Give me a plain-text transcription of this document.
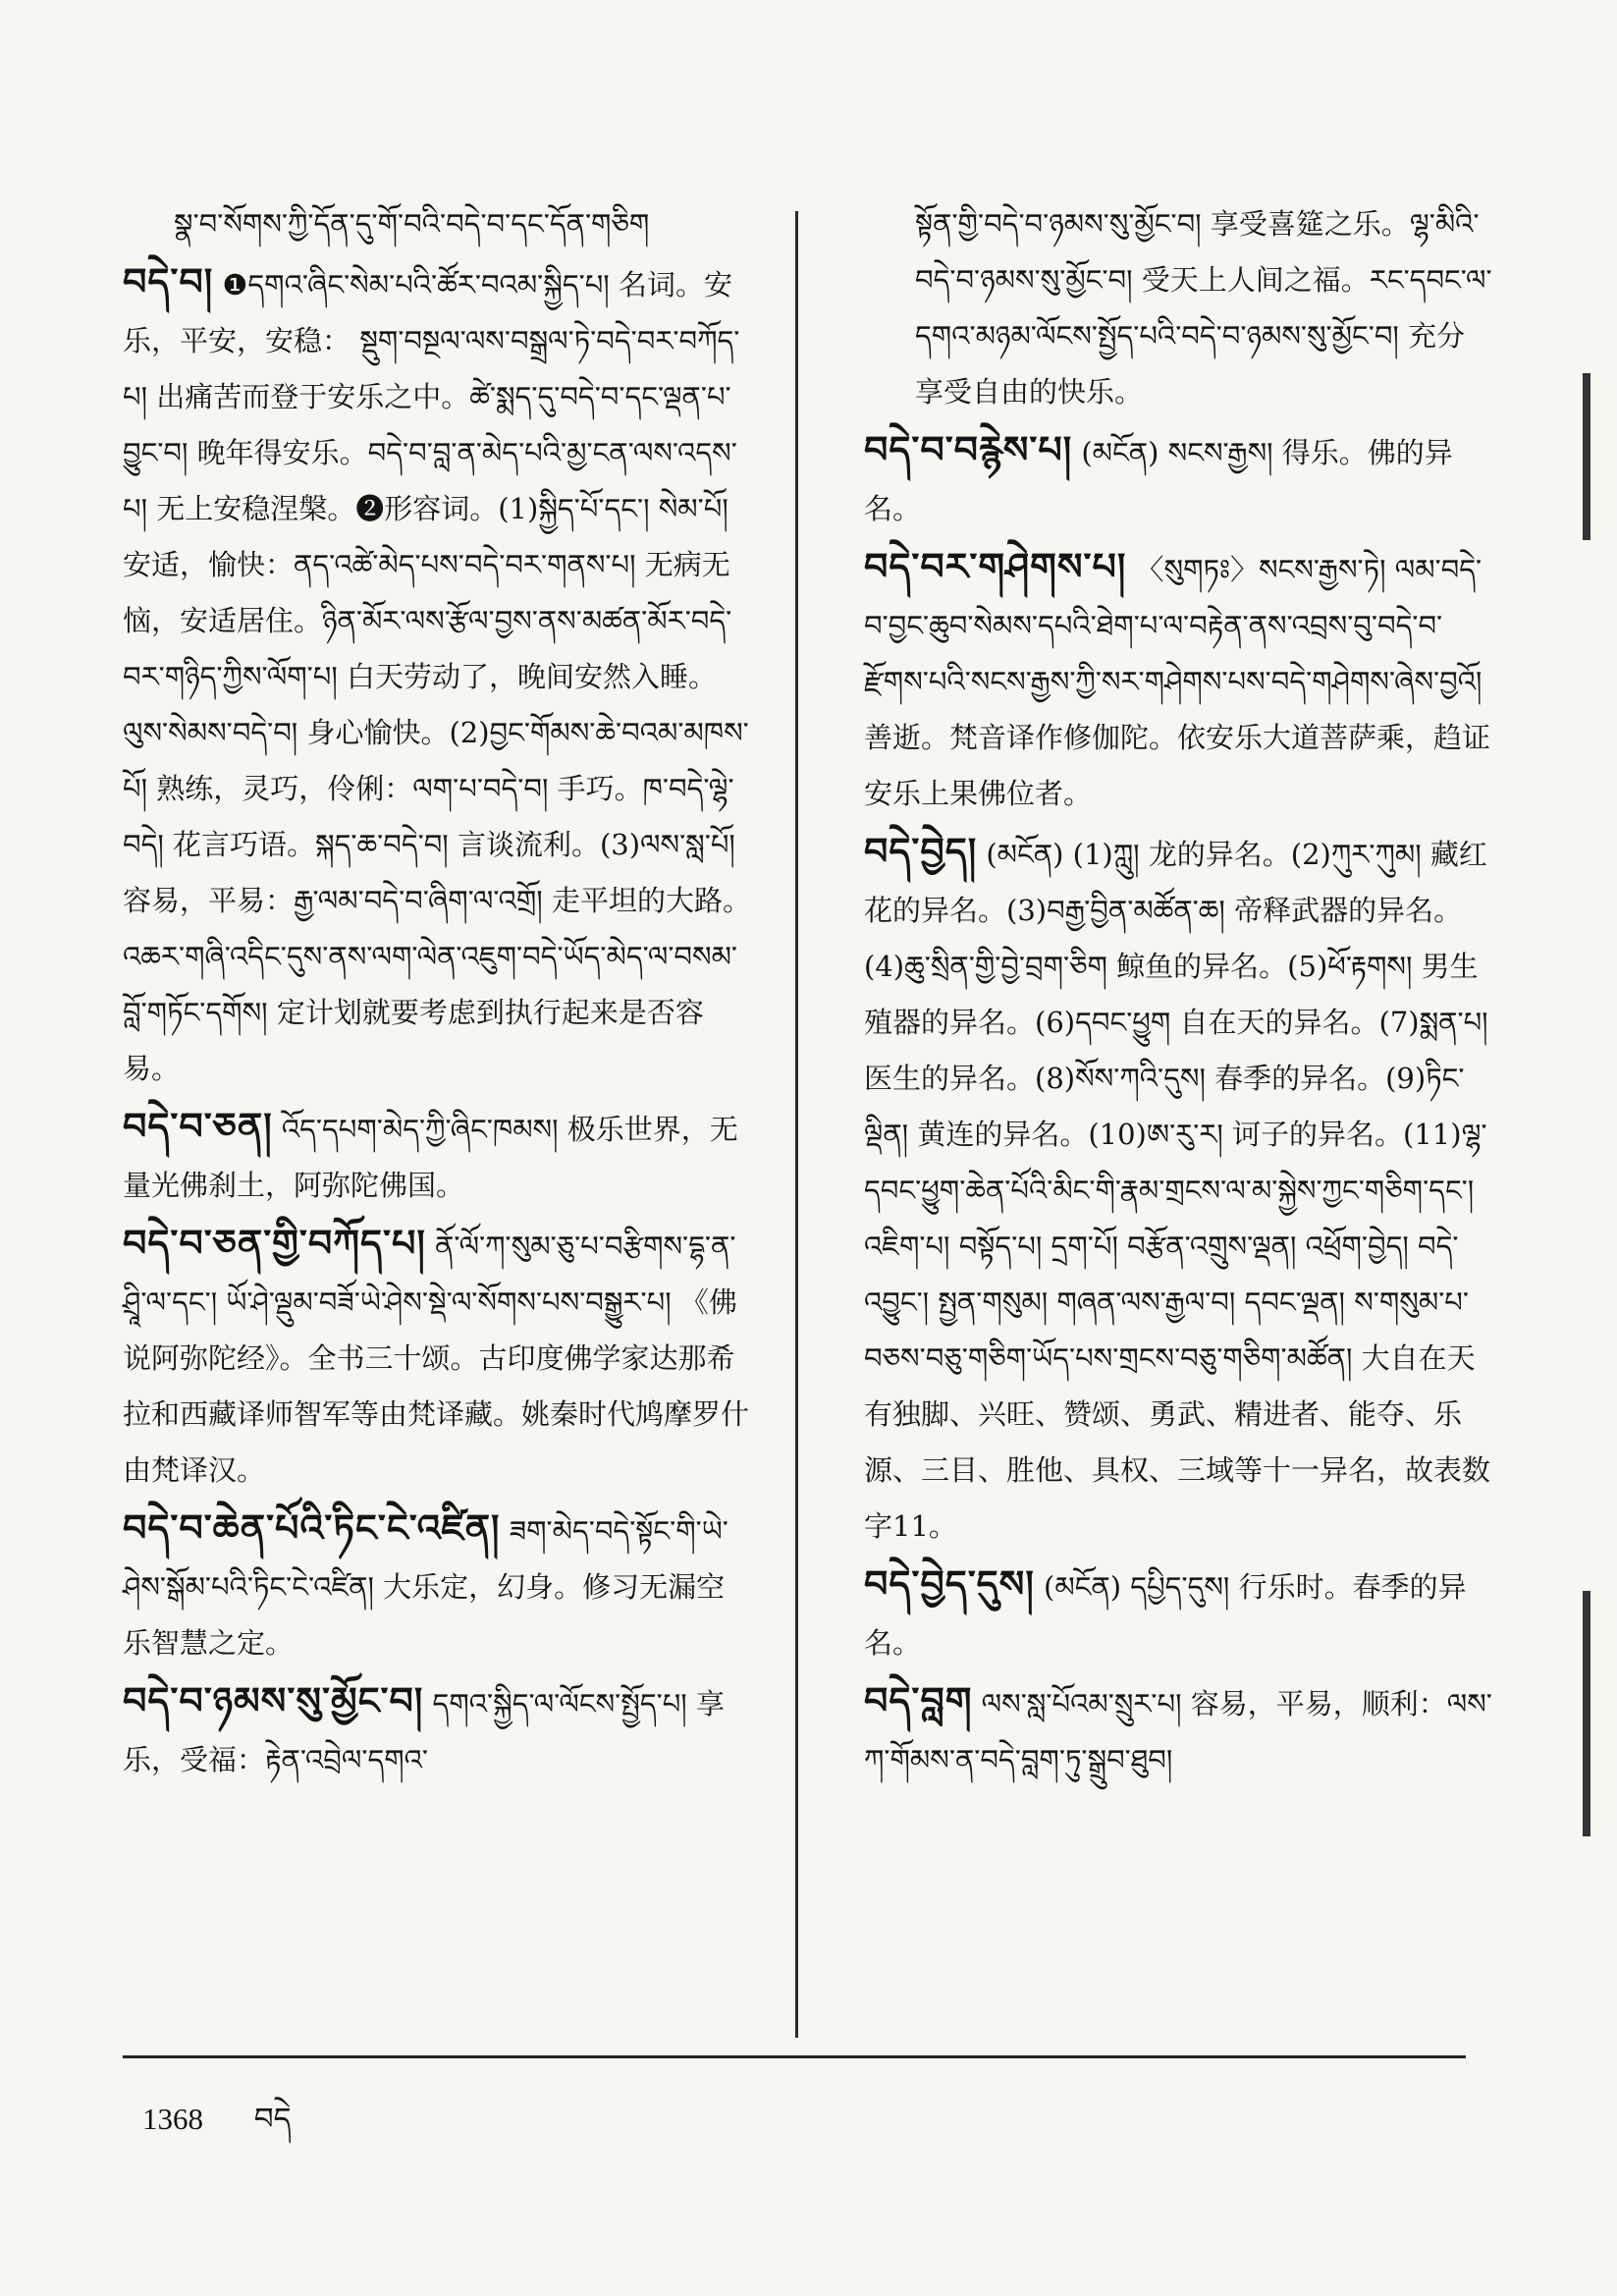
སྣ་བ་སོགས་ཀྱི་དོན་དུ་གོ་བའི་བདེ་བ་དང་དོན་གཅིག

བདེ་བ། ❶དགའ་ཞིང་སེམ་པའི་ཚོར་བའམ་སྐྱིད་པ། 名词。安乐，平安，安稳： སྡུག་བསྔལ་ལས་བསྒྲལ་ཏེ་བདེ་བར་བཀོད་པ། 出痛苦而登于安乐之中。ཚེ་སྨད་དུ་བདེ་བ་དང་ལྡན་པ་བྱུང་བ། 晚年得安乐。བདེ་བ་བླ་ན་མེད་པའི་མྱ་ངན་ལས་འདས་པ། 无上安稳涅槃。❷形容词。(1)སྐྱིད་པོ་དང་། སེམ་པོ། 安适，愉快：ནད་འཚེ་མེད་པས་བདེ་བར་གནས་པ། 无病无恼，安适居住。ཉིན་མོར་ལས་རྩོལ་བྱས་ནས་མཚན་མོར་བདེ་བར་གཉིད་ཀྱིས་ལོག་པ། 白天劳动了，晚间安然入睡。ལུས་སེམས་བདེ་བ། 身心愉快。(2)བྱང་གོམས་ཆེ་བའམ་མཁས་པོ། 熟练，灵巧，伶俐：ལག་པ་བདེ་བ། 手巧。ཁ་བདེ་ལྷེ་བདེ། 花言巧语。སྐད་ཆ་བདེ་བ། 言谈流利。(3)ལས་སླ་པོ། 容易，平易：རྒྱ་ལམ་བདེ་བ་ཞིག་ལ་འགྲོ། 走平坦的大路。འཆར་གཞི་འདིང་དུས་ནས་ལག་ལེན་འཇུག་བདེ་ཡོད་མེད་ལ་བསམ་བློ་གཏོང་དགོས། 定计划就要考虑到执行起来是否容易。

བདེ་བ་ཅན། འོད་དཔག་མེད་ཀྱི་ཞིང་ཁམས། 极乐世界，无量光佛刹土，阿弥陀佛国。

བདེ་བ་ཅན་གྱི་བཀོད་པ། ནོ་ལོ་ཀ་སུམ་ཅུ་པ་བརྩིགས་དྷ་ན་ཤྲཱི་ལ་དང་། ཡོ་ཤེ་ལྡུམ་བཟོ་ཡེ་ཤེས་སྡེ་ལ་སོགས་པས་བསྒྱུར་པ། 《佛说阿弥陀经》。全书三十颂。古印度佛学家达那希拉和西藏译师智军等由梵译藏。姚秦时代鸠摩罗什由梵译汉。

བདེ་བ་ཆེན་པོའི་ཏིང་ངེ་འཛིན། ཟག་མེད་བདེ་སྟོང་གི་ཡེ་ཤེས་སྒོམ་པའི་ཏིང་ངེ་འཛིན། 大乐定，幻身。修习无漏空乐智慧之定。

བདེ་བ་ཉམས་སུ་མྱོང་བ། དགའ་སྐྱིད་ལ་ལོངས་སྤྱོད་པ། 享乐，受福：རྟེན་འབྲེལ་དགའ་

སྟོན་གྱི་བདེ་བ་ཉམས་སུ་མྱོང་བ། 享受喜筵之乐。ལྷ་མིའི་བདེ་བ་ཉམས་སུ་མྱོང་བ། 受天上人间之福。རང་དབང་ལ་དགའ་མཉམ་ལོངས་སྤྱོད་པའི་བདེ་བ་ཉམས་སུ་མྱོང་བ། 充分享受自由的快乐。

བདེ་བ་བརྙེས་པ། (མངོན) སངས་རྒྱས། 得乐。佛的异名。

བདེ་བར་གཤེགས་པ། 〈སུགཏཿ〉སངས་རྒྱས་ཏེ། ལམ་བདེ་བ་བྱང་ཆུབ་སེམས་དཔའི་ཐེག་པ་ལ་བརྟེན་ནས་འབྲས་བུ་བདེ་བ་རྫོགས་པའི་སངས་རྒྱས་ཀྱི་སར་གཤེགས་པས་བདེ་གཤེགས་ཞེས་བྱའོ། 善逝。梵音译作修伽陀。依安乐大道菩萨乘，趋证安乐上果佛位者。

བདེ་བྱེད། (མངོན) (1)ཀླུ། 龙的异名。(2)ཀུར་ཀུམ། 藏红花的异名。(3)བརྒྱ་བྱིན་མཚོན་ཆ། 帝释武器的异名。(4)ཆུ་སྲིན་གྱི་བྱེ་བྲག་ཅིག 鲸鱼的异名。(5)ཕོ་རྟགས། 男生殖器的异名。(6)དབང་ཕྱུག 自在天的异名。(7)སྨན་པ། 医生的异名。(8)སོས་ཀའི་དུས། 春季的异名。(9)ཏིང་ལྡིན། 黄连的异名。(10)ཨ་རུ་ར། 诃子的异名。(11)ལྷ་དབང་ཕྱུག་ཆེན་པོའི་མིང་གི་རྣམ་གྲངས་ལ་མ་སྐྱེས་ཀྱང་གཅིག་དང་། འཇིག་པ། བསྟོད་པ། དྲག་པོ། བརྩོན་འགྲུས་ལྡན། འཕྲོག་བྱེད། བདེ་འབྱུང་། སྤྱན་གསུམ། གཞན་ལས་རྒྱལ་བ། དབང་ལྡན། ས་གསུམ་པ་བཅས་བཅུ་གཅིག་ཡོད་པས་གྲངས་བཅུ་གཅིག་མཚོན། 大自在天有独脚、兴旺、赞颂、勇武、精进者、能夺、乐源、三目、胜他、具权、三域等十一异名，故表数字11。

བདེ་བྱེད་དུས། (མངོན) དཔྱིད་དུས། 行乐时。春季的异名。

བདེ་བླག ལས་སླ་པོའམ་སྲུར་པ། 容易，平易，顺利：ལས་ཀ་གོམས་ན་བདེ་བླག་ཏུ་སྒྲུབ་ཐུབ།

1368 བདེ
